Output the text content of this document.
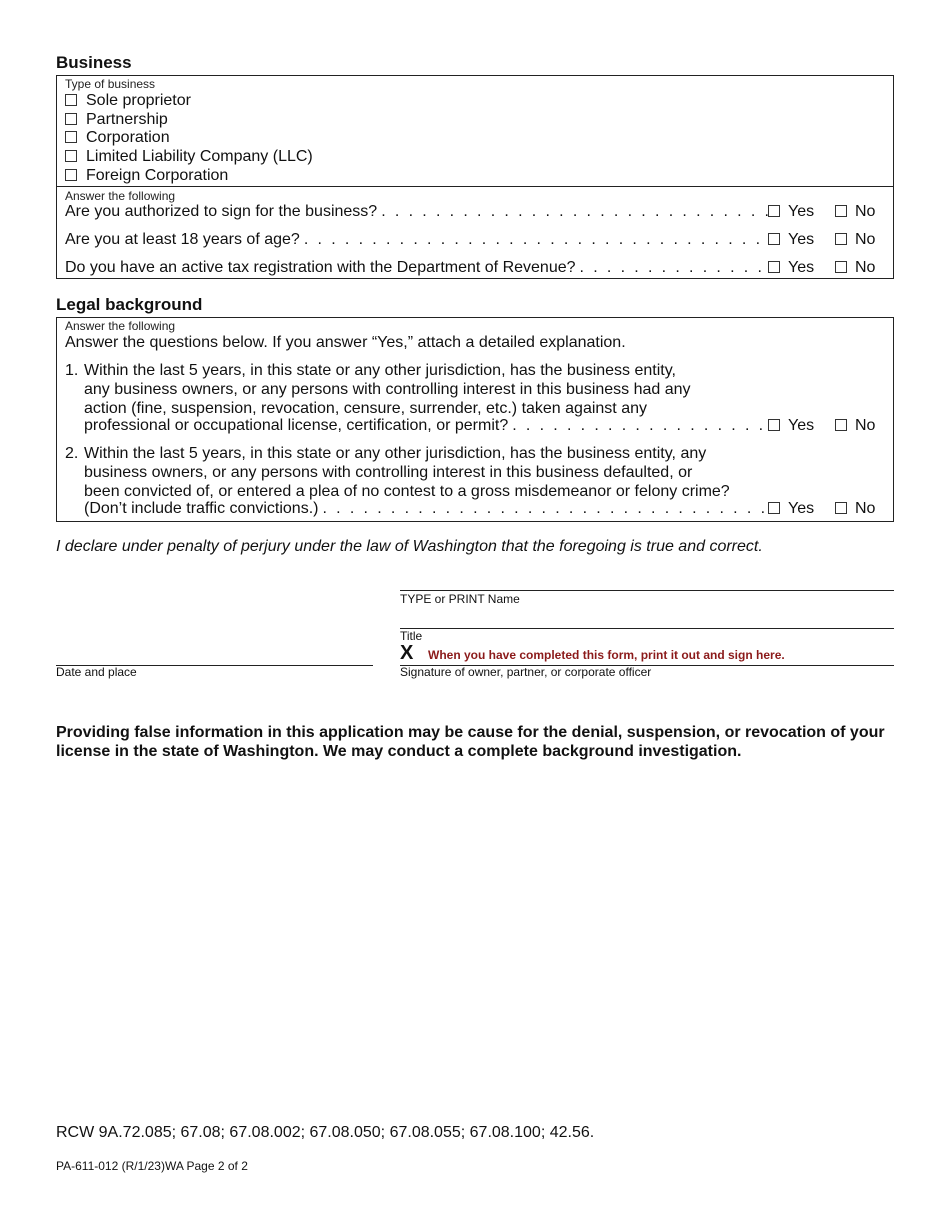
Business
Type of business
Sole proprietor
Partnership
Corporation
Limited Liability Company (LLC)
Foreign Corporation
Answer the following
Are you authorized to sign for the business? . . .	Yes	No
Are you at least 18 years of age? . . .	Yes	No
Do you have an active tax registration with the Department of Revenue? . . .	Yes	No
Legal background
Answer the following
Answer the questions below. If you answer “Yes,” attach a detailed explanation.
1. Within the last 5 years, in this state or any other jurisdiction, has the business entity,
any business owners, or any persons with controlling interest in this business had any
action (fine, suspension, revocation, censure, surrender, etc.) taken against any
professional or occupational license, certification, or permit? . . .	Yes	No
2. Within the last 5 years, in this state or any other jurisdiction, has the business entity, any
business owners, or any persons with controlling interest in this business defaulted, or
been convicted of, or entered a plea of no contest to a gross misdemeanor or felony crime?
(Don’t include traffic convictions.) . . .	Yes	No
I declare under penalty of perjury under the law of Washington that the foregoing is true and correct.
TYPE or PRINT Name
Title
X When you have completed this form, print it out and sign here.
Date and place	Signature of owner, partner, or corporate officer
Providing false information in this application may be cause for the denial, suspension, or revocation of your license in the state of Washington. We may conduct a complete background investigation.
RCW 9A.72.085; 67.08; 67.08.002; 67.08.050; 67.08.055; 67.08.100; 42.56.
PA-611-012 (R/1/23)WA Page 2 of 2
